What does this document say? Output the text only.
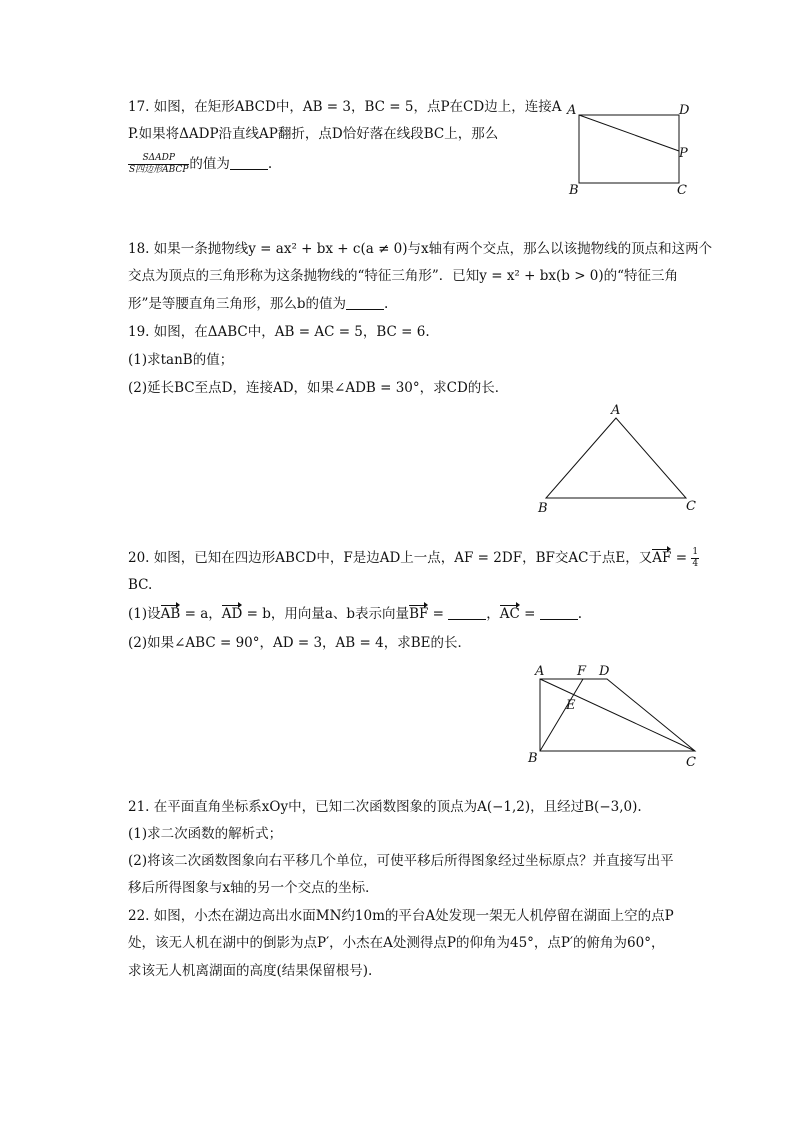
17. 如图，在矩形ABCD中，AB = 3，BC = 5，点P在CD边上，连接A
P.如果将ΔADP沿直线AP翻折，点D恰好落在线段BC上，那么
$\frac{\text{SΔADP}}{\text{S四边形ABCP}}$ 的值为	.
A	D
P
B	C
18. 如果一条抛物线y = ax² + bx + c(a ≠ 0)与x轴有两个交点，那么以该抛物线的顶点和这两个
交点为顶点的三角形称为这条抛物线的“特征三角形”．已知y = x² + bx(b > 0)的“特征三角
形”是等腰直角三角形，那么b的值为	.
19. 如图，在ΔABC中，AB = AC = 5，BC = 6.
(1)求tanB的值；
(2)延长BC至点D，连接AD，如果∠ADB = 30°，求CD的长．
A
B	C
20. 如图，已知在四边形ABCD中，F是边AD上一点，AF = 2DF，BF交AC于点E，又AF = $\frac{1}{4}$
BC.
(1)设AB = a，AD = b，用向量a、b表示向量BF =	，AC =	.
(2)如果∠ABC = 90°，AD = 3，AB = 4，求BE的长．
A	F D
E
B	C
21. 在平面直角坐标系xOy中，已知二次函数图象的顶点为A(−1,2)，且经过B(−3,0).
(1)求二次函数的解析式；
(2)将该二次函数图象向右平移几个单位，可使平移后所得图象经过坐标原点？并直接写出平
移后所得图象与x轴的另一个交点的坐标．
22. 如图，小杰在湖边高出水面MN约10m的平台A处发现一架无人机停留在湖面上空的点P
处，该无人机在湖中的倒影为点P′，小杰在A处测得点P的仰角为45°，点P′的俯角为60°，
求该无人机离湖面的高度(结果保留根号).
